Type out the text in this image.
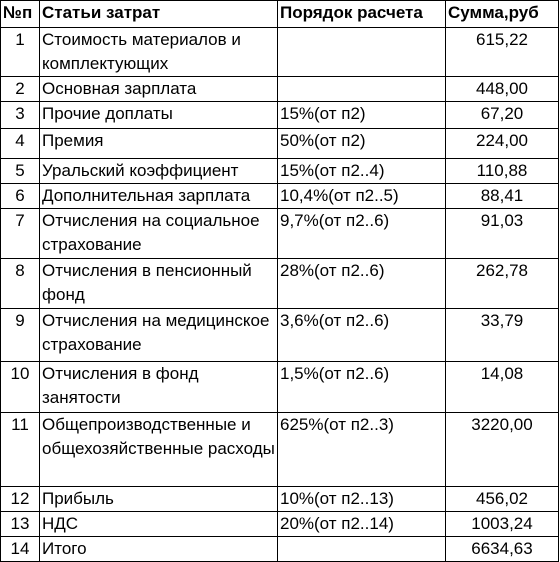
№п	Статьи затрат	Порядок расчета	Сумма,руб
1	Стоимость материалов и комплектующих		615,22
2	Основная зарплата		448,00
3	Прочие доплаты	15%(от п2)	67,20
4	Премия	50%(от п2)	224,00
5	Уральский коэффициент	15%(от п2..4)	110,88
6	Дополнительная зарплата	10,4%(от п2..5)	88,41
7	Отчисления на социальное страхование	9,7%(от п2..6)	91,03
8	Отчисления в пенсионный фонд	28%(от п2..6)	262,78
9	Отчисления на медицинское страхование	3,6%(от п2..6)	33,79
10	Отчисления в фонд занятости	1,5%(от п2..6)	14,08
11	Общепроизводственные и общехозяйственные расходы	625%(от п2..3)	3220,00
12	Прибыль	10%(от п2..13)	456,02
13	НДС	20%(от п2..14)	1003,24
14	Итого		6634,63
